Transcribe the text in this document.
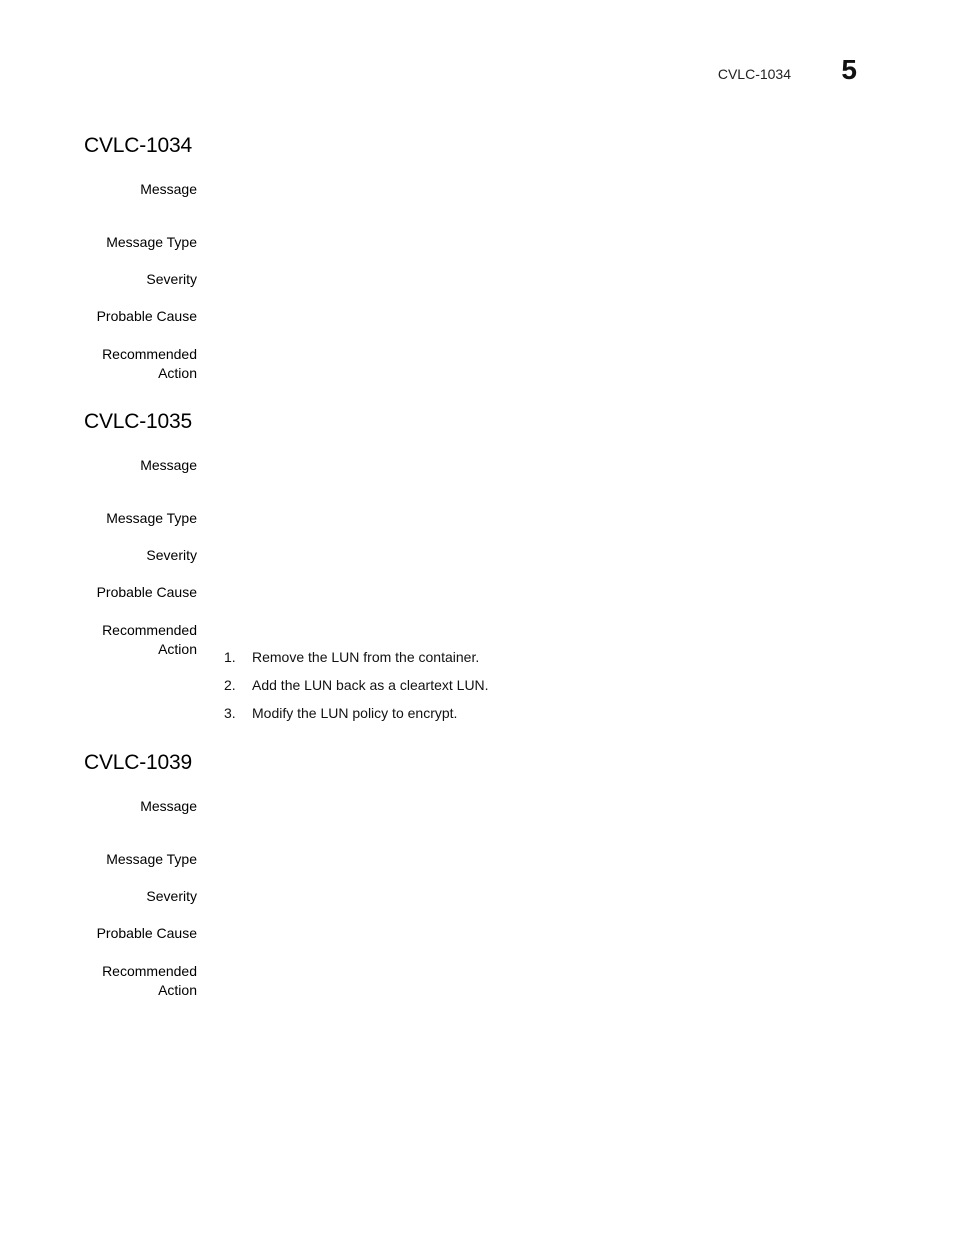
CVLC-1034 5
CVLC-1034
Message
Message Type
Severity
Probable Cause
Recommended
Action
CVLC-1035
Message
Message Type
Severity
Probable Cause
Recommended
Action 1.	Remove the LUN from the container.
2.	Add the LUN back as a cleartext LUN.
3.	Modify the LUN policy to encrypt.
CVLC-1039
Message
Message Type
Severity
Probable Cause
Recommended
Action
